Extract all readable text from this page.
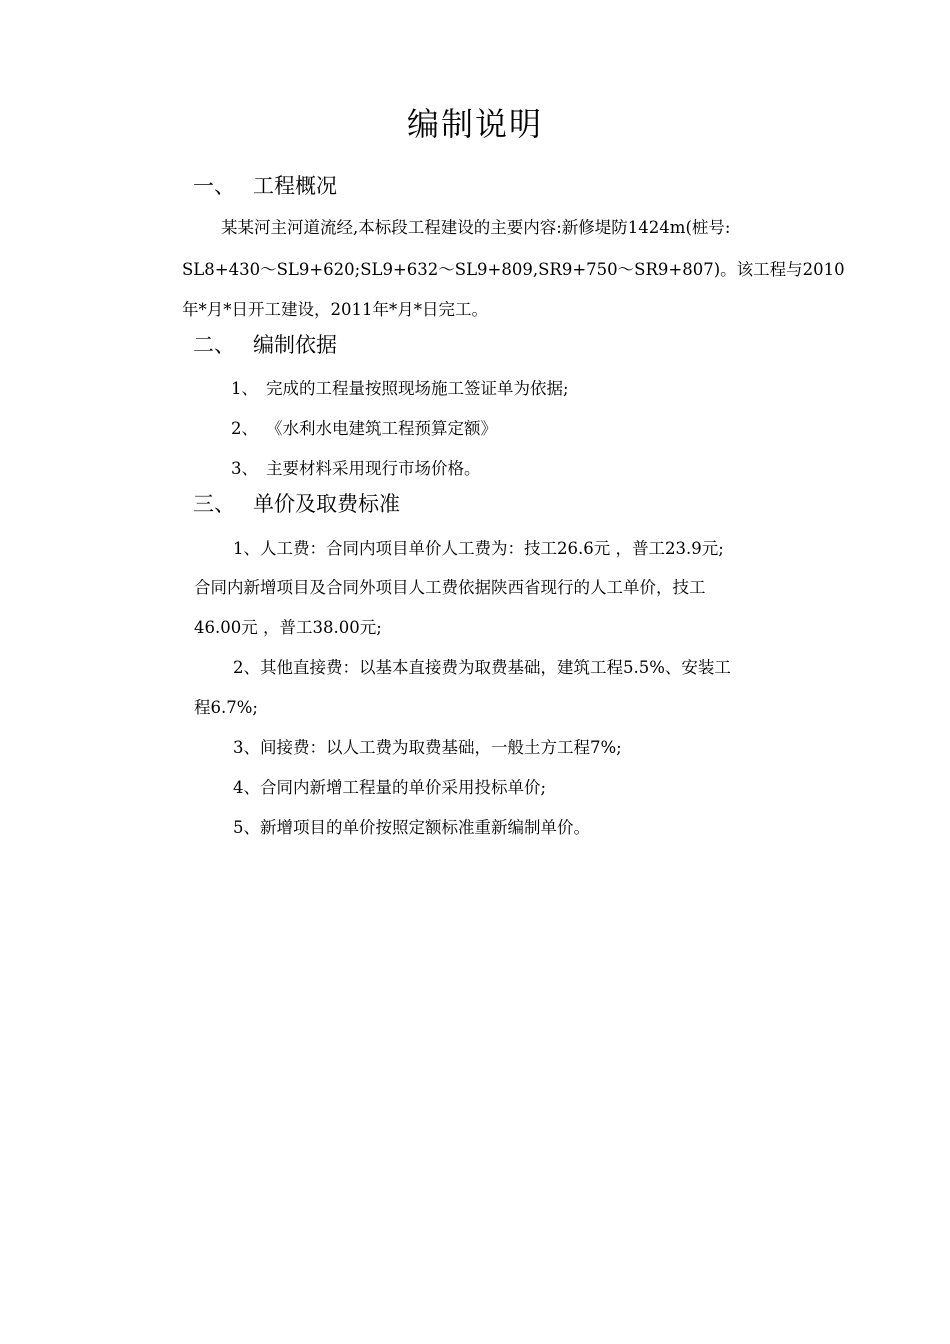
编制说明
一、 工程概况
某某河主河道流经,本标段工程建设的主要内容:新修堤防1424m(桩号:
SL8+430～SL9+620;SL9+632～SL9+809,SR9+750～SR9+807)。该工程与2010
年*月*日开工建设，2011年*月*日完工。
二、 编制依据
1、 完成的工程量按照现场施工签证单为依据;
2、 《水利水电建筑工程预算定额》
3、 主要材料采用现行市场价格。
三、 单价及取费标准
1、人工费：合同内项目单价人工费为：技工26.6元 ，普工23.9元;
合同内新增项目及合同外项目人工费依据陕西省现行的人工单价，技工
46.00元 ，普工38.00元;
2、其他直接费：以基本直接费为取费基础，建筑工程5.5%、安装工
程6.7%;
3、间接费：以人工费为取费基础，一般土方工程7%;
4、合同内新增工程量的单价采用投标单价;
5、新增项目的单价按照定额标准重新编制单价。
